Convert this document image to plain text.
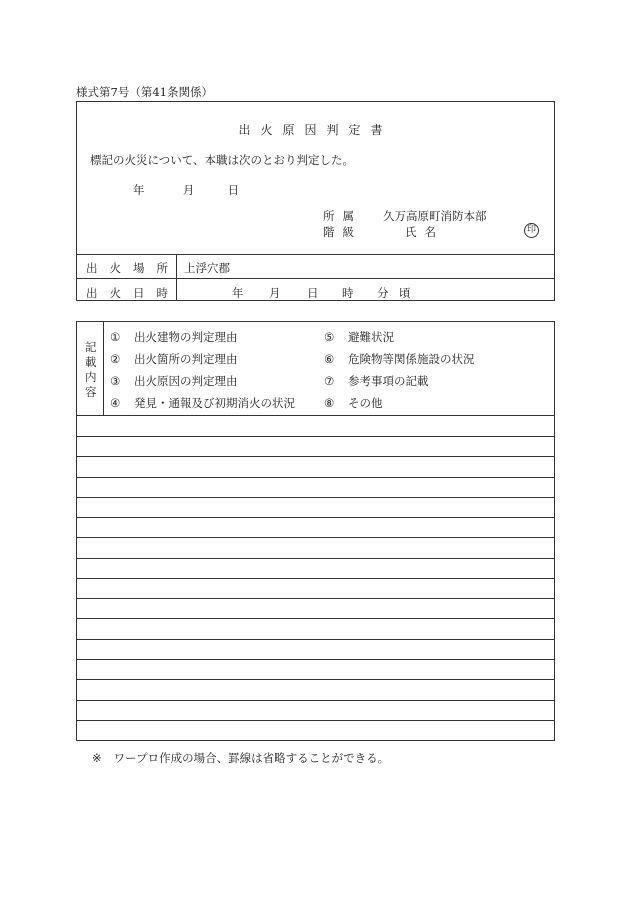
様式第7号（第41条関係）
出火原因判定書
標記の火災について、本職は次のとおり判定した。
年	月	日
所属 久万高原町消防本部
階級	氏名	印
出火場所 上浮穴郡
出火日時	年 月 日 時 分 頃
記
載
内
容
① 出火建物の判定理由
② 出火箇所の判定理由
③ 出火原因の判定理由
④ 発見・通報及び初期消火の状況
⑤ 避難状況
⑥ 危険物等関係施設の状況
⑦ 参考事項の記載
⑧ その他
※ ワープロ作成の場合、罫線は省略することができる。
